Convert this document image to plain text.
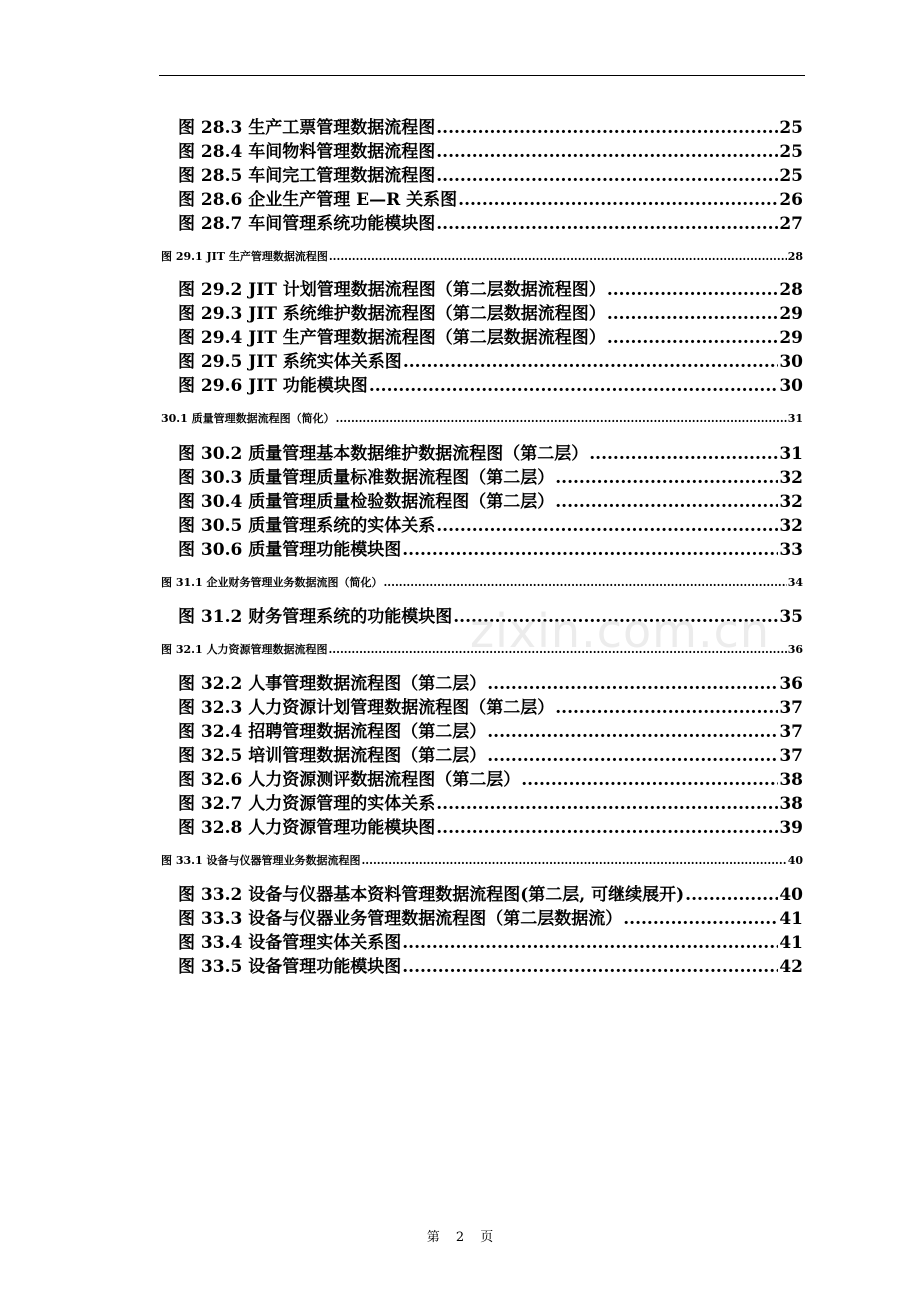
图 28.3 生产工票管理数据流程图 .....	25
图 28.4 车间物料管理数据流程图 .....	25
图 28.5 车间完工管理数据流程图 .....	25
图 28.6 企业生产管理 E—R 关系图 .....	26
图 28.7 车间管理系统功能模块图 .....	27
图 29.1 JIT 生产管理数据流程图 .....	28
图 29.2 JIT 计划管理数据流程图（第二层数据流程图） .....	28
图 29.3 JIT 系统维护数据流程图（第二层数据流程图） .....	29
图 29.4 JIT 生产管理数据流程图（第二层数据流程图） .....	29
图 29.5 JIT 系统实体关系图 .....	30
图 29.6 JIT 功能模块图 .....	30
30.1 质量管理数据流程图（简化） .....	31
图 30.2 质量管理基本数据维护数据流程图（第二层） .....	31
图 30.3 质量管理质量标准数据流程图（第二层） .....	32
图 30.4 质量管理质量检验数据流程图（第二层） .....	32
图 30.5 质量管理系统的实体关系 .....	32
图 30.6 质量管理功能模块图 .....	33
图 31.1 企业财务管理业务数据流图（简化） .....	34
图 31.2 财务管理系统的功能模块图 .....	35
图 32.1 人力资源管理数据流程图 .....	36
图 32.2 人事管理数据流程图（第二层） .....	36
图 32.3 人力资源计划管理数据流程图（第二层） .....	37
图 32.4 招聘管理数据流程图（第二层） .....	37
图 32.5 培训管理数据流程图（第二层） .....	37
图 32.6 人力资源测评数据流程图（第二层） .....	38
图 32.7 人力资源管理的实体关系 .....	38
图 32.8 人力资源管理功能模块图 .....	39
图 33.1 设备与仪器管理业务数据流程图 .....	40
图 33.2 设备与仪器基本资料管理数据流程图(第二层, 可继续展开) .....	40
图 33.3 设备与仪器业务管理数据流程图（第二层数据流） .....	41
图 33.4 设备管理实体关系图 .....	41
图 33.5 设备管理功能模块图 .....	42
zixin.com.cn
第 2 页
